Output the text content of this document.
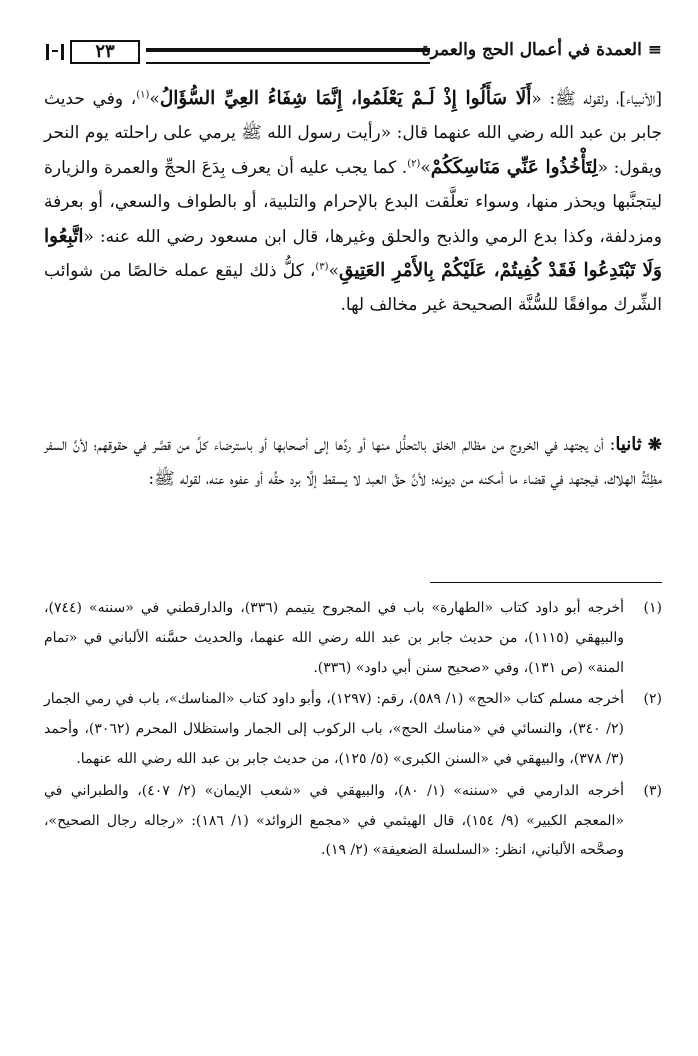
≡ العمدة في أعمال الحج والعمرة
٢٣

[الأنبياء]، ولقوله ﷺ: «أَلَا سَأَلُوا إِذْ لَـمْ يَعْلَمُوا، إِنَّمَا شِفَاءُ العِيِّ السُّؤَالُ»$^{(١)}$، وفي حديث جابر بن عبد الله رضي الله عنهما قال: «رأيت رسول الله ﷺ يرمي على راحلته يوم النحر ويقول: «لِتَأْخُذُوا عَنِّي مَنَاسِكَكُمْ»$^{(٢)}$. كما يجب عليه أن يعرف بِدَعَ الحجِّ والعمرة والزيارة ليتجنَّبها ويحذر منها، وسواء تعلَّقت البدع بالإحرام والتلبية، أو بالطواف والسعي، أو بعرفة ومزدلفة، وكذا بدع الرمي والذبح والحلق وغيرها، قال ابن مسعود رضي الله عنه: «اتَّبِعُوا وَلَا تَبْتَدِعُوا فَقَدْ كُفِيتُمْ، عَلَيْكُمْ بِالأَمْرِ العَتِيقِ»$^{(٣)}$، كلُّ ذلك ليقع عمله خالصًا من شوائب الشِّرك موافقًا للسُّنَّة الصحيحة غير مخالف لها.

❋ ثانيا: أن يجتهد في الخروج من مظالم الخلق بالتحلُّل منها أو ردِّها إلى أصحابها أو باسترضاء كلِّ من قصَّر في حقوقهم؛ لأنَّ السفر مظِنَّةُ الهلاك، فيجتهد في قضاء ما أمكنه من ديونه؛ لأنَّ حقَّ العبد لا يسقط إلَّا برد حقِّه أو عفوه عنه، لقوله ﷺ:

(١)
أخرجه أبو داود كتاب «الطهارة» باب في المجروح يتيمم (٣٣٦)، والدارقطني في «سننه» (٧٤٤)، والبيهقي (١١١٥)، من حديث جابر بن عبد الله رضي الله عنهما، والحديث حسَّنه الألباني في «تمام المنة» (ص ١٣١)، وفي «صحيح سنن أبي داود» (٣٣٦).
(٢)
أخرجه مسلم كتاب «الحج» (١/ ٥٨٩)، رقم: (١٢٩٧)، وأبو داود كتاب «المناسك»، باب في رمي الجمار (٢/ ٣٤٠)، والنسائي في «مناسك الحج»، باب الركوب إلى الجمار واستظلال المحرم (٣٠٦٢)، وأحمد (٣/ ٣٧٨)، والبيهقي في «السنن الكبرى» (٥/ ١٢٥)، من حديث جابر بن عبد الله رضي الله عنهما.
(٣)
أخرجه الدارمي في «سننه» (١/ ٨٠)، والبيهقي في «شعب الإيمان» (٢/ ٤٠٧)، والطبراني في «المعجم الكبير» (٩/ ١٥٤)، قال الهيثمي في «مجمع الزوائد» (١/ ١٨٦): «رجاله رجال الصحيح»، وصحَّحه الألباني، انظر: «السلسلة الضعيفة» (٢/ ١٩).
